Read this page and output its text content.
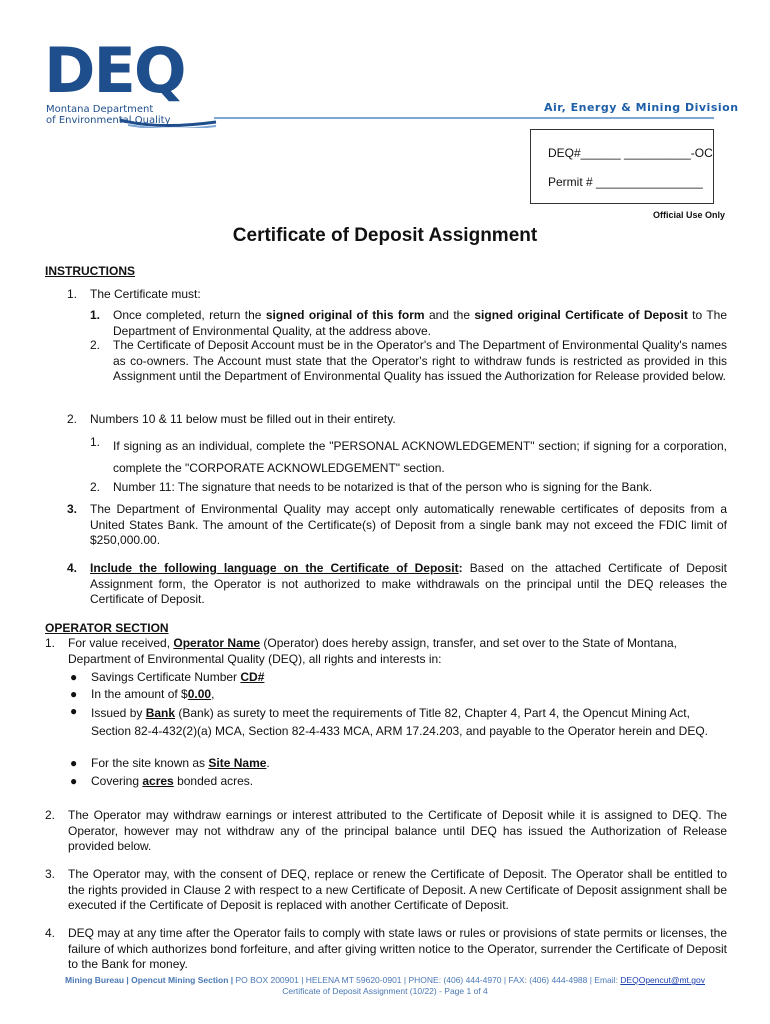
DEQ
Montana Department
of Environmental Quality
Air, Energy & Mining Division
DEQ#______ __________-OC
Permit # ________________
Official Use Only
Certificate of Deposit Assignment
INSTRUCTIONS
1. The Certificate must:
1. Once completed, return the signed original of this form and the signed original Certificate of Deposit to The Department of Environmental Quality, at the address above.
2. The Certificate of Deposit Account must be in the Operator's and The Department of Environmental Quality's names as co-owners. The Account must state that the Operator's right to withdraw funds is restricted as provided in this Assignment until the Department of Environmental Quality has issued the Authorization for Release provided below.
2. Numbers 10 & 11 below must be filled out in their entirety.
1. If signing as an individual, complete the "PERSONAL ACKNOWLEDGEMENT" section; if signing for a corporation, complete the "CORPORATE ACKNOWLEDGEMENT" section.
2. Number 11: The signature that needs to be notarized is that of the person who is signing for the Bank.
3. The Department of Environmental Quality may accept only automatically renewable certificates of deposits from a United States Bank. The amount of the Certificate(s) of Deposit from a single bank may not exceed the FDIC limit of $250,000.00.
4. Include the following language on the Certificate of Deposit: Based on the attached Certificate of Deposit Assignment form, the Operator is not authorized to make withdrawals on the principal until the DEQ releases the Certificate of Deposit.
OPERATOR SECTION
1. For value received, Operator Name (Operator) does hereby assign, transfer, and set over to the State of Montana, Department of Environmental Quality (DEQ), all rights and interests in:
● Savings Certificate Number CD#
● In the amount of $0.00,
● Issued by Bank (Bank) as surety to meet the requirements of Title 82, Chapter 4, Part 4, the Opencut Mining Act, Section 82-4-432(2)(a) MCA, Section 82-4-433 MCA, ARM 17.24.203, and payable to the Operator herein and DEQ.
● For the site known as Site Name.
● Covering acres bonded acres.
2. The Operator may withdraw earnings or interest attributed to the Certificate of Deposit while it is assigned to DEQ. The Operator, however may not withdraw any of the principal balance until DEQ has issued the Authorization of Release provided below.
3. The Operator may, with the consent of DEQ, replace or renew the Certificate of Deposit. The Operator shall be entitled to the rights provided in Clause 2 with respect to a new Certificate of Deposit. A new Certificate of Deposit assignment shall be executed if the Certificate of Deposit is replaced with another Certificate of Deposit.
4. DEQ may at any time after the Operator fails to comply with state laws or rules or provisions of state permits or licenses, the failure of which authorizes bond forfeiture, and after giving written notice to the Operator, surrender the Certificate of Deposit to the Bank for money.
Mining Bureau | Opencut Mining Section | PO BOX 200901 | HELENA MT 59620-0901 | PHONE: (406) 444-4970 | FAX: (406) 444-4988 | Email: DEQOpencut@mt.gov
Certificate of Deposit Assignment (10/22) - Page 1 of 4
